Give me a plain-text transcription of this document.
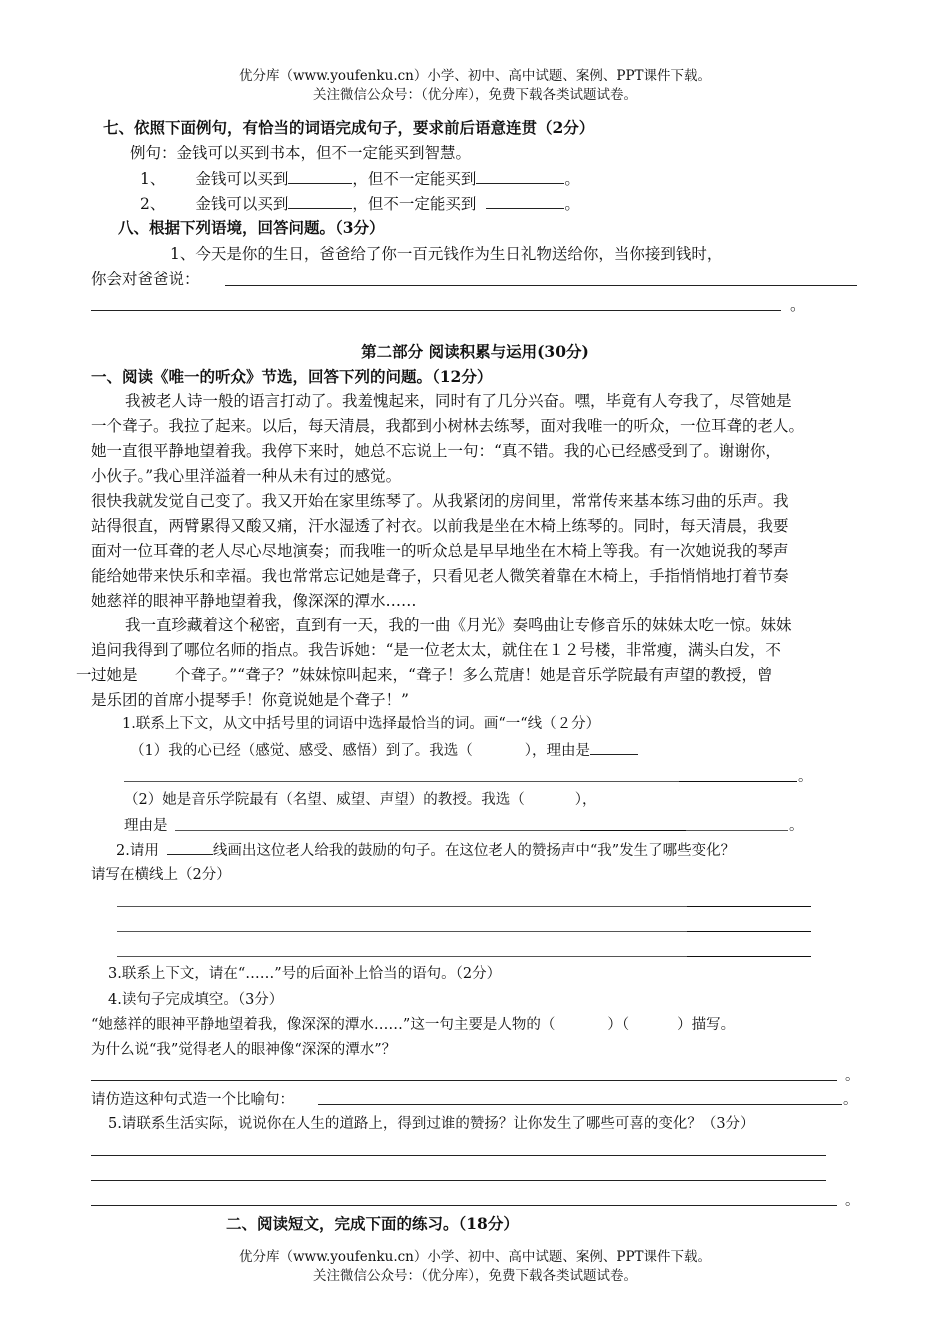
优分库（www.youfenku.cn）小学、初中、高中试题、案例、PPT课件下载。
关注微信公众号：（优分库），免费下载各类试题试卷。
七、依照下面例句，有恰当的词语完成句子，要求前后语意连贯（2分）
例句：金钱可以买到书本，但不一定能买到智慧。
1、 金钱可以买到	，但不一定能买到	。
2、 金钱可以买到	，但不一定能买到	。
八、根据下列语境，回答问题。（3分）
1、今天是你的生日，爸爸给了你一百元钱作为生日礼物送给你，当你接到钱时，
你会对爸爸说：
。
第二部分 阅读积累与运用(30分)
一、阅读《唯一的听众》节选，回答下列的问题。（12分）
我被老人诗一般的语言打动了。我羞愧起来，同时有了几分兴奋。嘿，毕竟有人夸我了，尽管她是
一个聋子。我拉了起来。以后，每天清晨，我都到小树林去练琴，面对我唯一的听众，一位耳聋的老人。
她一直很平静地望着我。我停下来时，她总不忘说上一句：“真不错。我的心已经感受到了。谢谢你，
小伙子。”我心里洋溢着一种从未有过的感觉。
很快我就发觉自己变了。我又开始在家里练琴了。从我紧闭的房间里，常常传来基本练习曲的乐声。我
站得很直，两臂累得又酸又痛，汗水湿透了衬衣。以前我是坐在木椅上练琴的。同时，每天清晨，我要
面对一位耳聋的老人尽心尽地演奏；而我唯一的听众总是早早地坐在木椅上等我。有一次她说我的琴声
能给她带来快乐和幸福。我也常常忘记她是聋子，只看见老人微笑着靠在木椅上，手指悄悄地打着节奏
她慈祥的眼神平静地望着我，像深深的潭水……
我一直珍藏着这个秘密，直到有一天，我的一曲《月光》奏鸣曲让专修音乐的妹妹太吃一惊。妹妹
追问我得到了哪位名师的指点。我告诉她：“是一位老太太，就住在１２号楼，非常瘦，满头白发，不
一 过她是 个聋子。”“聋子？”妹妹惊叫起来，“聋子！多么荒唐！她是音乐学院最有声望的教授，曾
是乐团的首席小提琴手！你竟说她是个聋子！”
1.联系上下文，从文中括号里的词语中选择最恰当的词。画“一“线（２分）
（1）我的心已经（感觉、感受、感悟）到了。我选（	），理由是
。
（2）她是音乐学院最有（名望、威望、声望）的教授。我选（	），
理由是	。
2.请用	线画出这位老人给我的鼓励的句子。在这位老人的赞扬声中“我”发生了哪些变化？
请写在横线上（2分）
3.联系上下文，请在“……”号的后面补上恰当的语句。（2分）
4.读句子完成填空。（3分）
“她慈祥的眼神平静地望着我，像深深的潭水……”这一句主要是人物的（	）（	）描写。
为什么说“我”觉得老人的眼神像“深深的潭水”？
。
请仿造这种句式造一个比喻句：	。
5.请联系生活实际，说说你在人生的道路上，得到过谁的赞扬？让你发生了哪些可喜的变化？（3分）
。
二、阅读短文，完成下面的练习。（18分）
优分库（www.youfenku.cn）小学、初中、高中试题、案例、PPT课件下载。
关注微信公众号：（优分库），免费下载各类试题试卷。
